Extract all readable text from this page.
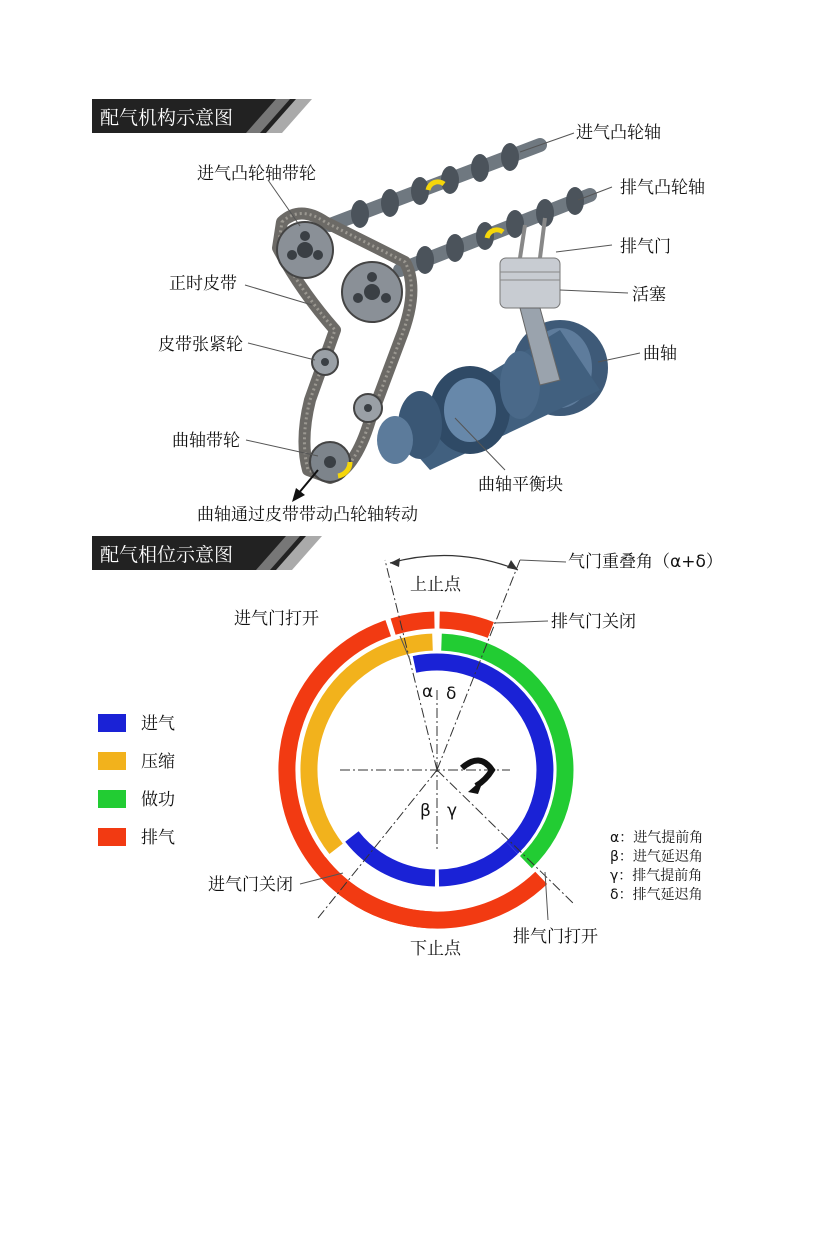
配气机构示意图
进气凸轮轴
进气凸轮轴带轮
排气凸轮轴
排气门
正时皮带
活塞
皮带张紧轮	曲轴
曲轴带轮
曲轴平衡块
曲轴通过皮带带动凸轮轴转动
配气相位示意图	气门重叠角（α+δ）
上止点
进气门打开	排气门关闭
α δ
β γ
进气门关闭
排气门打开
下止点
进气
压缩
做功
排气	α：进气提前角
β：进气延迟角
γ：排气提前角
δ：排气延迟角
